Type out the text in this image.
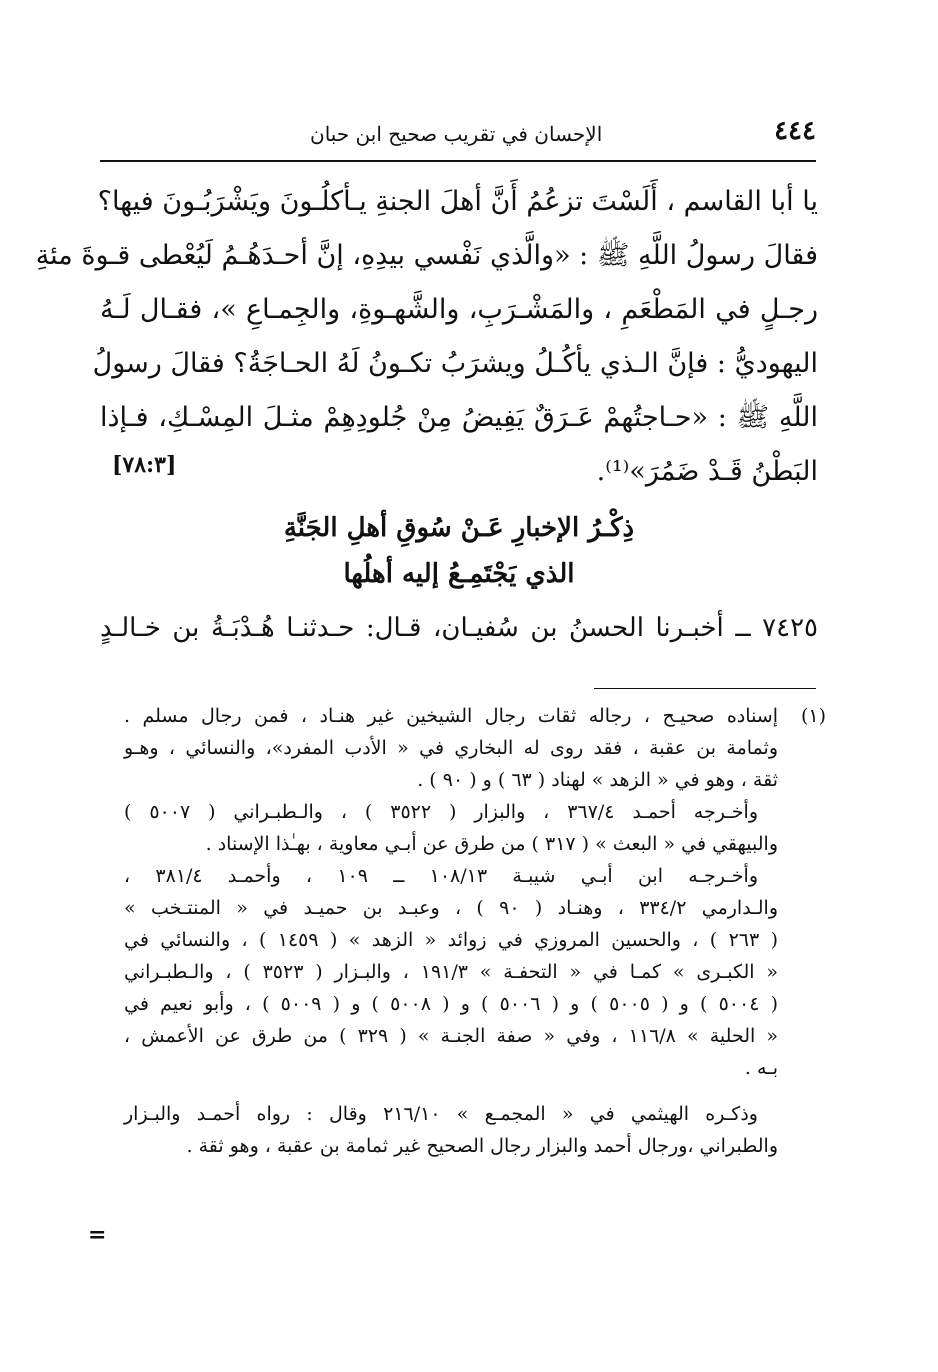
٤٤٤
الإحسان في تقريب صحيح ابن حبان
يا أبا القاسم ، أَلَسْتَ تزعُمُ أَنَّ أهلَ الجنةِ يـأكلُـونَ ويَشْرَبُـونَ فيها؟
فقالَ رسولُ اللَّهِ ﷺ : «والَّذي نَفْسي بيدِهِ، إنَّ أحـدَهُـمُ لَيُعْطى قـوةَ مئةِ
رجـلٍ في المَطْعَمِ ، والمَشْـرَبِ، والشَّهـوةِ، والجِمـاعِ »، فقـال لَـهُ
اليهوديُّ : فإنَّ الـذي يأكُـلُ ويشرَبُ تكـونُ لَهُ الحـاجَةُ؟ فقالَ رسولُ
اللَّهِ ﷺ : «حـاجتُهمْ عَـرَقٌ يَفِيضُ مِنْ جُلودِهِمْ مثـلَ المِسْـكِ، فـإذا
البَطْنُ قَـدْ ضَمُرَ»⁽¹⁾.
[٧٨:٣]
ذِكْـرُ الإخبارِ عَـنْ سُوقِ أهلِ الجَنَّةِ
الذي يَجْتَمِـعُ إليه أهلُها
٧٤٢٥ ــ أخبـرنا الحسنُ بن سُفيـان، قـال: حـدثنـا هُـدْبَـةُ بن خـالـدٍ
(١)
إسناده صحيـح ، رجاله ثقات رجال الشيخين غير هنـاد ، فمن رجال مسلم .
وثمامة بن عقبة ، فقد روى له البخاري في « الأدب المفرد»، والنسائي ، وهـو
ثقة ، وهو في « الزهد » لهناد ( ٦٣ ) و ( ٩٠ ) .
وأخـرجه أحمـد ٣٦٧/٤ ، والبزار ( ٣٥٢٢ ) ، والـطبـراني ( ٥٠٠٧ )
والبيهقي في « البعث » ( ٣١٧ ) من طرق عن أبـي معاوية ، بهـٰذا الإسناد .
وأخـرجـه ابن أبـي شيبـة ١٠٨/١٣ ــ ١٠٩ ، وأحمـد ٣٨١/٤ ،
والـدارمي ٣٣٤/٢ ، وهنـاد ( ٩٠ ) ، وعبـد بن حميـد في « المنتـخب »
( ٢٦٣ ) ، والحسين المروزي في زوائد « الزهد » ( ١٤٥٩ ) ، والنسائي في
« الكبـرى » كمـا في « التحفـة » ١٩١/٣ ، والبـزار ( ٣٥٢٣ ) ، والـطبـراني
( ٥٠٠٤ ) و ( ٥٠٠٥ ) و ( ٥٠٠٦ ) و ( ٥٠٠٨ ) و ( ٥٠٠٩ ) ، وأبو نعيم في
« الحلية » ١١٦/٨ ، وفي « صفة الجنـة » ( ٣٢٩ ) من طرق عن الأعمش ،
بـه .
وذكـره الهيثمي في « المجمـع » ٢١٦/١٠ وقال : رواه أحمـد والبـزار
والطبراني ،ورجال أحمد والبزار رجال الصحيح غير ثمامة بن عقبة ، وهو ثقة .
=
